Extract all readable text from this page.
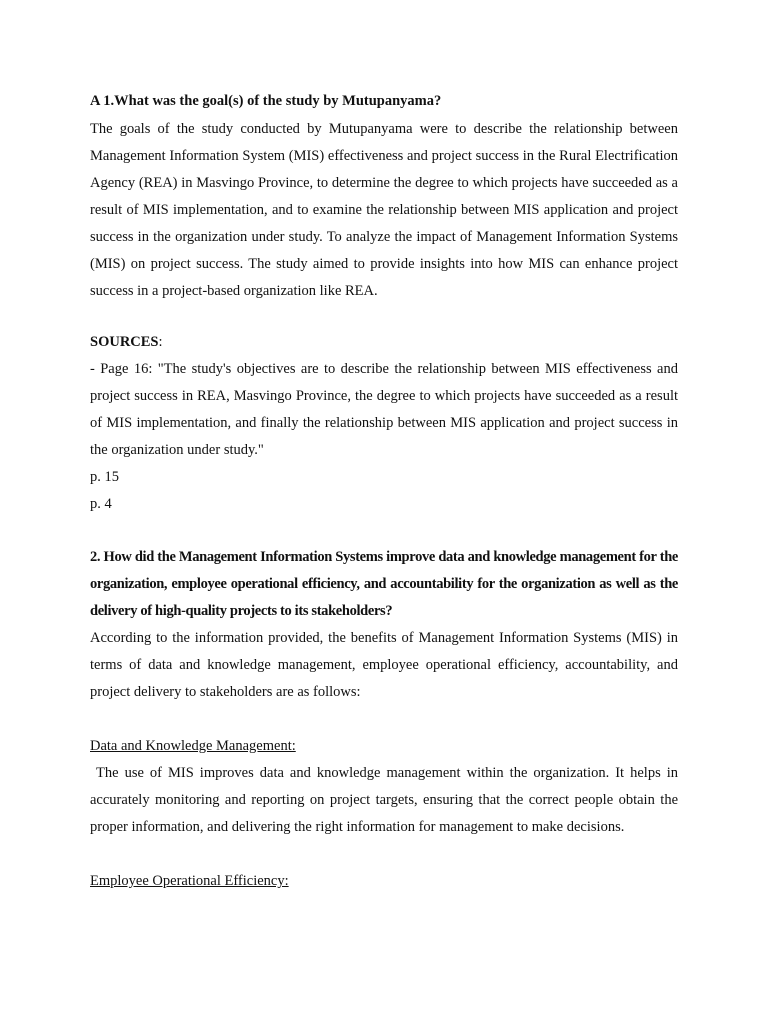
A 1.What was the goal(s) of the study by Mutupanyama?

The goals of the study conducted by Mutupanyama were to describe the relationship between Management Information System (MIS) effectiveness and project success in the Rural Electrification Agency (REA) in Masvingo Province, to determine the degree to which projects have succeeded as a result of MIS implementation, and to examine the relationship between MIS application and project success in the organization under study. To analyze the impact of Management Information Systems (MIS) on project success. The study aimed to provide insights into how MIS can enhance project success in a project-based organization like REA.

SOURCES:

- Page 16: "The study's objectives are to describe the relationship between MIS effectiveness and project success in REA, Masvingo Province, the degree to which projects have succeeded as a result of MIS implementation, and finally the relationship between MIS application and project success in the organization under study."

p. 15

p. 4

2. How did the Management Information Systems improve data and knowledge management for the organization, employee operational efficiency, and accountability for the organization as well as the delivery of high-quality projects to its stakeholders?

According to the information provided, the benefits of Management Information Systems (MIS) in terms of data and knowledge management, employee operational efficiency, accountability, and project delivery to stakeholders are as follows:

Data and Knowledge Management:

The use of MIS improves data and knowledge management within the organization. It helps in accurately monitoring and reporting on project targets, ensuring that the correct people obtain the proper information, and delivering the right information for management to make decisions.

Employee Operational Efficiency:
